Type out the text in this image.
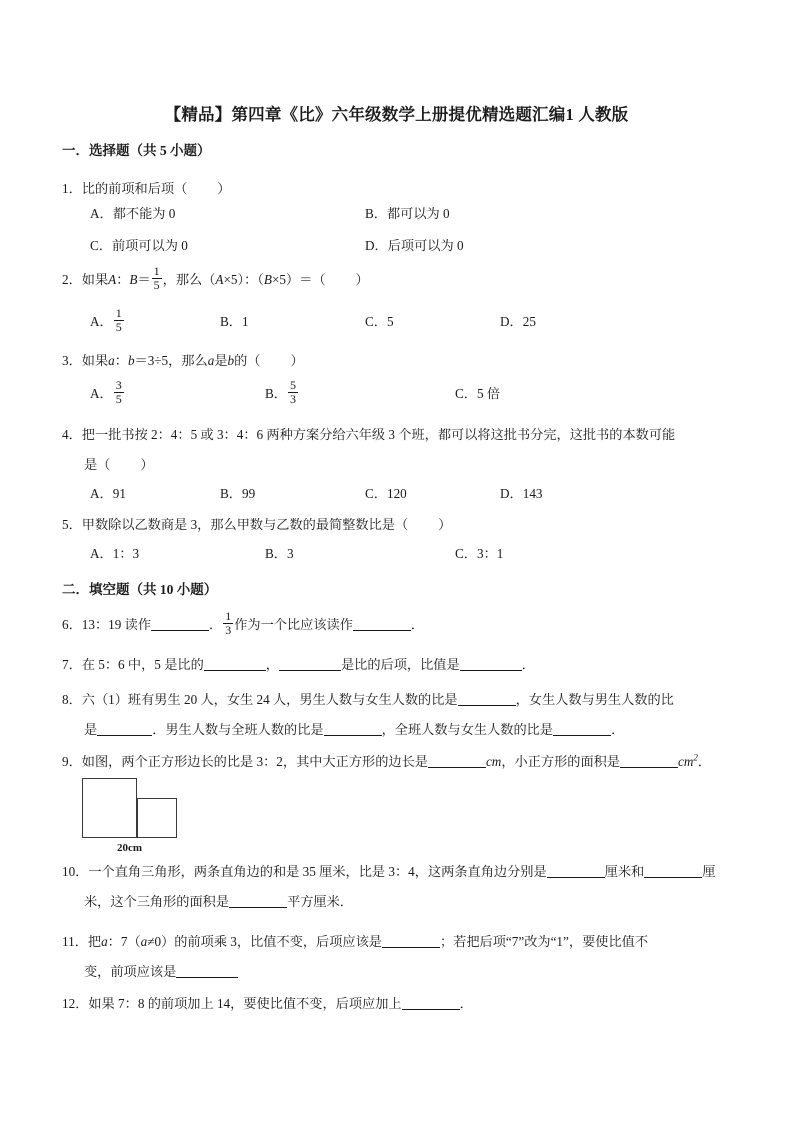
【精品】第四章《比》六年级数学上册提优精选题汇编1 人教版
一．选择题（共 5 小题）
1．比的前项和后项（ ）
A．都不能为 0	B．都可以为 0
C．前项可以为 0	D．后项可以为 0
2．如果A：$B= \frac{1}{5}$ ，那么（A×5）：（B×5）＝（ ）
A． $\frac{1}{5}$	B．1	C．5	D．25
3．如果a：b＝3÷5，那么a是b的（ ）
A． $\frac{3}{5}$	B． $\frac{5}{3}$	C．5 倍
4．把一批书按 2：4：5 或 3：4：6 两种方案分给六年级 3 个班，都可以将这批书分完，这批书的本数可能
是（ ）
A．91	B．99	C．120	D．143
5．甲数除以乙数商是 3，那么甲数与乙数的最简整数比是（ ）
A．1：3	B．3	C．3：1
二．填空题（共 10 小题）
6．13：19 读作	． $\frac{1}{3}$ 作为一个比应该读作	．
7．在 5：6 中，5 是比的	，	是比的后项，比值是	．
8．六（1）班有男生 20 人，女生 24 人，男生人数与女生人数的比是	，女生人数与男生人数的比
是	．男生人数与全班人数的比是	，全班人数与女生人数的比是	．
9．如图，两个正方形边长的比是 3：2，其中大正方形的边长是	cm，小正方形的面积是	$cm^2$．
20cm
10．一个直角三角形，两条直角边的和是 35 厘米，比是 3：4，这两条直角边分别是	厘米和	厘
米，这个三角形的面积是	平方厘米．
11．把a：7（a≠0）的前项乘 3，比值不变，后项应该是	；若把后项“7”改为“1”，要使比值不
变，前项应该是
12．如果 7：8 的前项加上 14，要使比值不变，后项应加上	．
